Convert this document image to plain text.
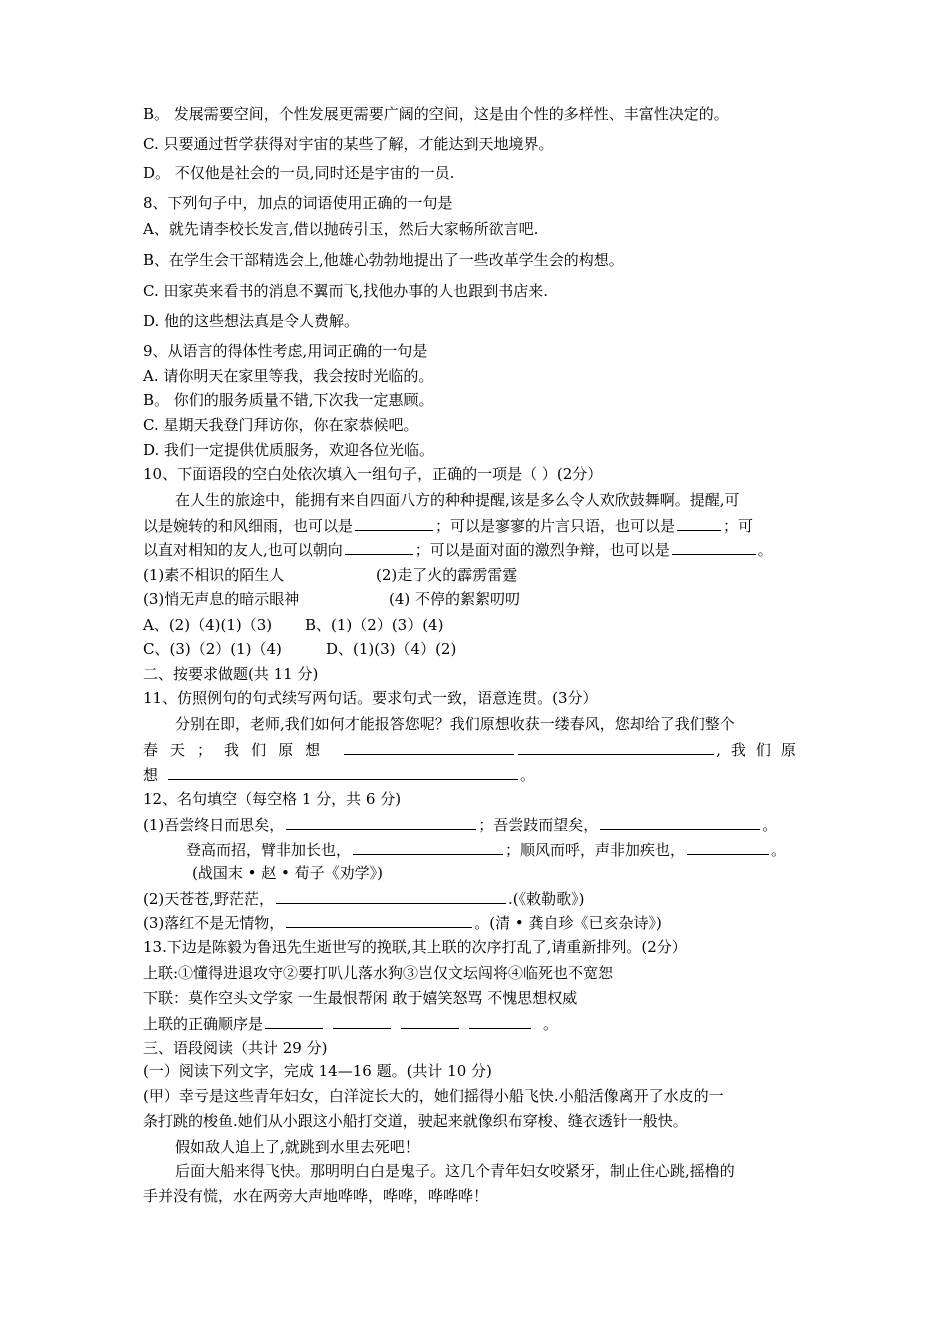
B。 发展需要空间，个性发展更需要广阔的空间，这是由个性的多样性、丰富性决定的。
C. 只要通过哲学获得对宇宙的某些了解，才能达到天地境界。
D。 不仅他是社会的一员,同时还是宇宙的一员.
8、下列句子中，加点的词语使用正确的一句是
A、就先请李校长发言,借以抛砖引玉，然后大家畅所欲言吧.
B、在学生会干部精选会上,他雄心勃勃地提出了一些改革学生会的构想。
C. 田家英来看书的消息不翼而飞,找他办事的人也跟到书店来.
D. 他的这些想法真是令人费解。
9、从语言的得体性考虑,用词正确的一句是
A. 请你明天在家里等我，我会按时光临的。
B。 你们的服务质量不错,下次我一定惠顾。
C. 星期天我登门拜访你，你在家恭候吧。
D. 我们一定提供优质服务，欢迎各位光临。
10、下面语段的空白处依次填入一组句子，正确的一项是（ ）(2分）
在人生的旅途中，能拥有来自四面八方的种种提醒,该是多么令人欢欣鼓舞啊。提醒,可
以是婉转的和风细雨，也可以是	；可以是寥寥的片言只语，也可以是	；可
以直对相知的友人,也可以朝向	；可以是面对面的激烈争辩，也可以是	。
(1)素不相识的陌生人	(2)走了火的霹雳雷霆
(3)悄无声息的暗示眼神	(4) 不停的絮絮叨叨
A、(2)（4)(1)（3) B、(1)（2）(3）(4)
C、(3)（2）(1)（4)	D、(1)(3)（4）(2)
二、按要求做题(共 11 分)
11、仿照例句的句式续写两句话。要求句式一致，语意连贯。(3分）
分别在即，老师,我们如何才能报答您呢？我们原想收获一缕春风，您却给了我们整个
春 天 ； 我 们 原 想	, 我 们 原
想	。
12、名句填空（每空格 1 分，共 6 分)
(1)吾尝终日而思矣，	；吾尝跂而望矣，	。
登高而招，臂非加长也，	；顺风而呼，声非加疾也，	。
(战国末 • 赵 • 荀子《劝学》)
(2)天苍苍,野茫茫，	.(《敕勒歌》)
(3)落红不是无情物，	。(清 • 龚自珍《已亥杂诗》)
13.下边是陈毅为鲁迅先生逝世写的挽联,其上联的次序打乱了,请重新排列。(2分）
上联:①懂得进退攻守②要打叭儿落水狗③岂仅文坛闯将④临死也不宽恕
下联：莫作空头文学家 一生最恨帮闲 敢于嬉笑怒骂 不愧思想权威
上联的正确顺序是	。
三、语段阅读（共计 29 分)
(一）阅读下列文字，完成 14—16 题。(共计 10 分)
(甲）幸亏是这些青年妇女，白洋淀长大的，她们摇得小船飞快.小船活像离开了水皮的一
条打跳的梭鱼.她们从小跟这小船打交道，驶起来就像织布穿梭、缝衣透针一般快。
假如敌人追上了,就跳到水里去死吧！
后面大船来得飞快。那明明白白是鬼子。这几个青年妇女咬紧牙，制止住心跳,摇橹的
手并没有慌，水在两旁大声地哗哗，哗哗，哗哗哗！
